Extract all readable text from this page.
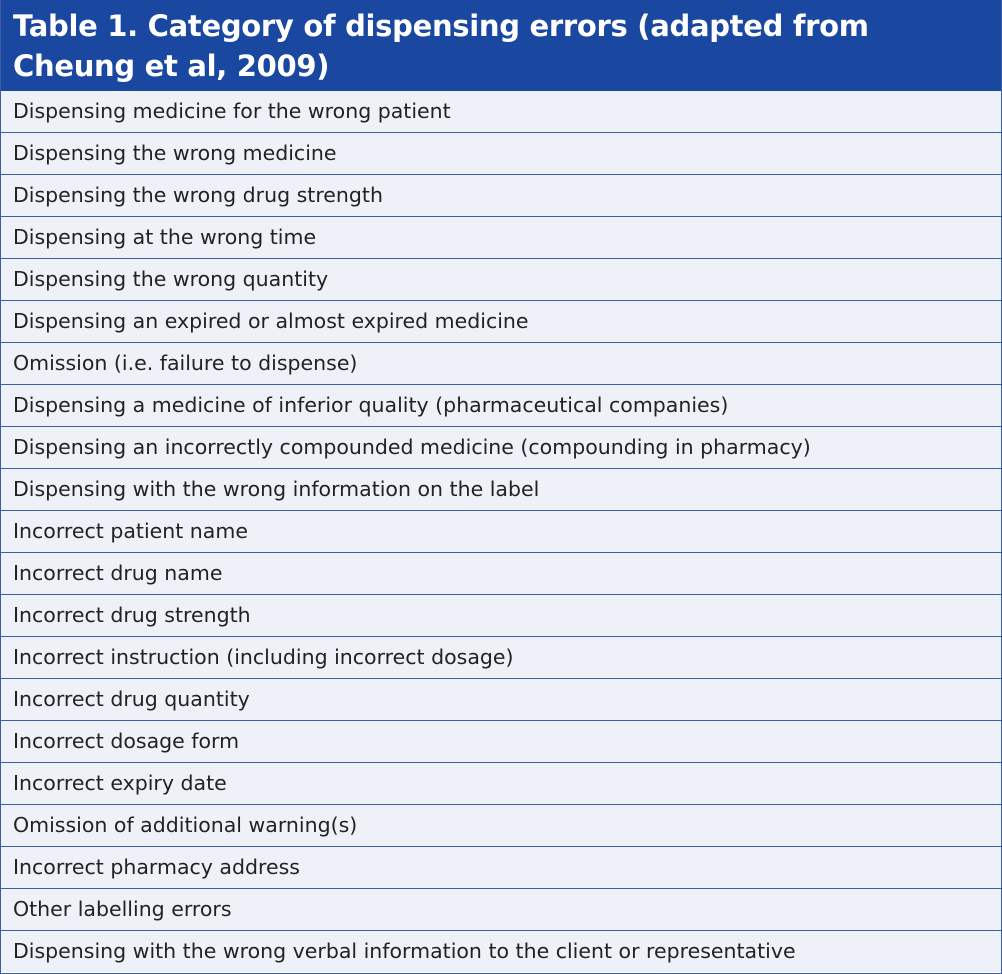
Table 1. Category of dispensing errors (adapted from Cheung et al, 2009)
Dispensing medicine for the wrong patient
Dispensing the wrong medicine
Dispensing the wrong drug strength
Dispensing at the wrong time
Dispensing the wrong quantity
Dispensing an expired or almost expired medicine
Omission (i.e. failure to dispense)
Dispensing a medicine of inferior quality (pharmaceutical companies)
Dispensing an incorrectly compounded medicine (compounding in pharmacy)
Dispensing with the wrong information on the label
Incorrect patient name
Incorrect drug name
Incorrect drug strength
Incorrect instruction (including incorrect dosage)
Incorrect drug quantity
Incorrect dosage form
Incorrect expiry date
Omission of additional warning(s)
Incorrect pharmacy address
Other labelling errors
Dispensing with the wrong verbal information to the client or representative
